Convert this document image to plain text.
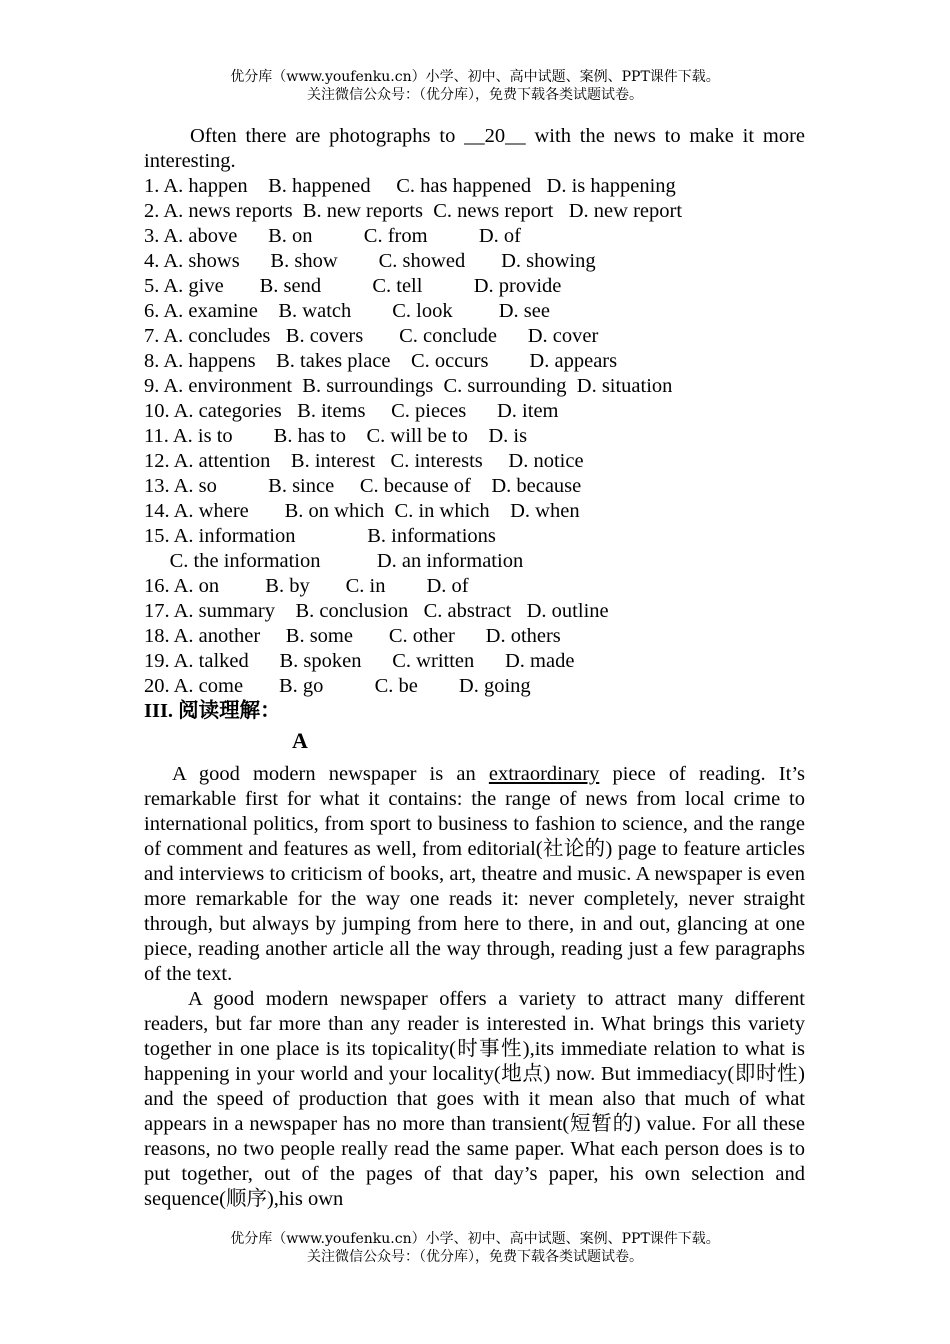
优分库（www.youfenku.cn）小学、初中、高中试题、案例、PPT课件下载。
关注微信公众号：（优分库），免费下载各类试题试卷。

Often there are photographs to __20__ with the news to make it more interesting.

1. A. happen    B. happened     C. has happened   D. is happening

2. A. news reports  B. new reports  C. news report   D. new report

3. A. above      B. on          C. from          D. of

4. A. shows      B. show        C. showed       D. showing

5. A. give       B. send          C. tell          D. provide

6. A. examine    B. watch        C. look         D. see

7. A. concludes   B. covers       C. conclude      D. cover

8. A. happens    B. takes place    C. occurs        D. appears

9. A. environment  B. surroundings  C. surrounding  D. situation

10. A. categories   B. items     C. pieces      D. item

11. A. is to        B. has to    C. will be to    D. is

12. A. attention    B. interest   C. interests     D. notice

13. A. so          B. since     C. because of    D. because

14. A. where       B. on which  C. in which    D. when

15. A. information              B. informations

C. the information           D. an information

16. A. on         B. by       C. in        D. of

17. A. summary    B. conclusion   C. abstract   D. outline

18. A. another     B. some       C. other      D. others

19. A. talked      B. spoken      C. written      D. made

20. A. come       B. go          C. be        D. going

III. 阅读理解：

A

A good modern newspaper is an extraordinary piece of reading. It’s remarkable first for what it contains: the range of news from local crime to international politics, from sport to business to fashion to science, and the range of comment and features as well, from editorial(社论的) page to feature articles and interviews to criticism of books, art, theatre and music. A newspaper is even more remarkable for the way one reads it: never completely, never straight through, but always by jumping from here to there, in and out, glancing at one piece, reading another article all the way through, reading just a few paragraphs of the text.

A good modern newspaper offers a variety to attract many different readers, but far more than any reader is interested in. What brings this variety together in one place is its topicality(时事性),its immediate relation to what is happening in your world and your locality(地点) now. But immediacy(即时性) and the speed of production that goes with it mean also that much of what appears in a newspaper has no more than transient(短暂的) value. For all these reasons, no two people really read the same paper. What each person does is to put together, out of the pages of that day’s paper, his own selection and sequence(顺序),his own

优分库（www.youfenku.cn）小学、初中、高中试题、案例、PPT课件下载。
关注微信公众号：（优分库），免费下载各类试题试卷。
